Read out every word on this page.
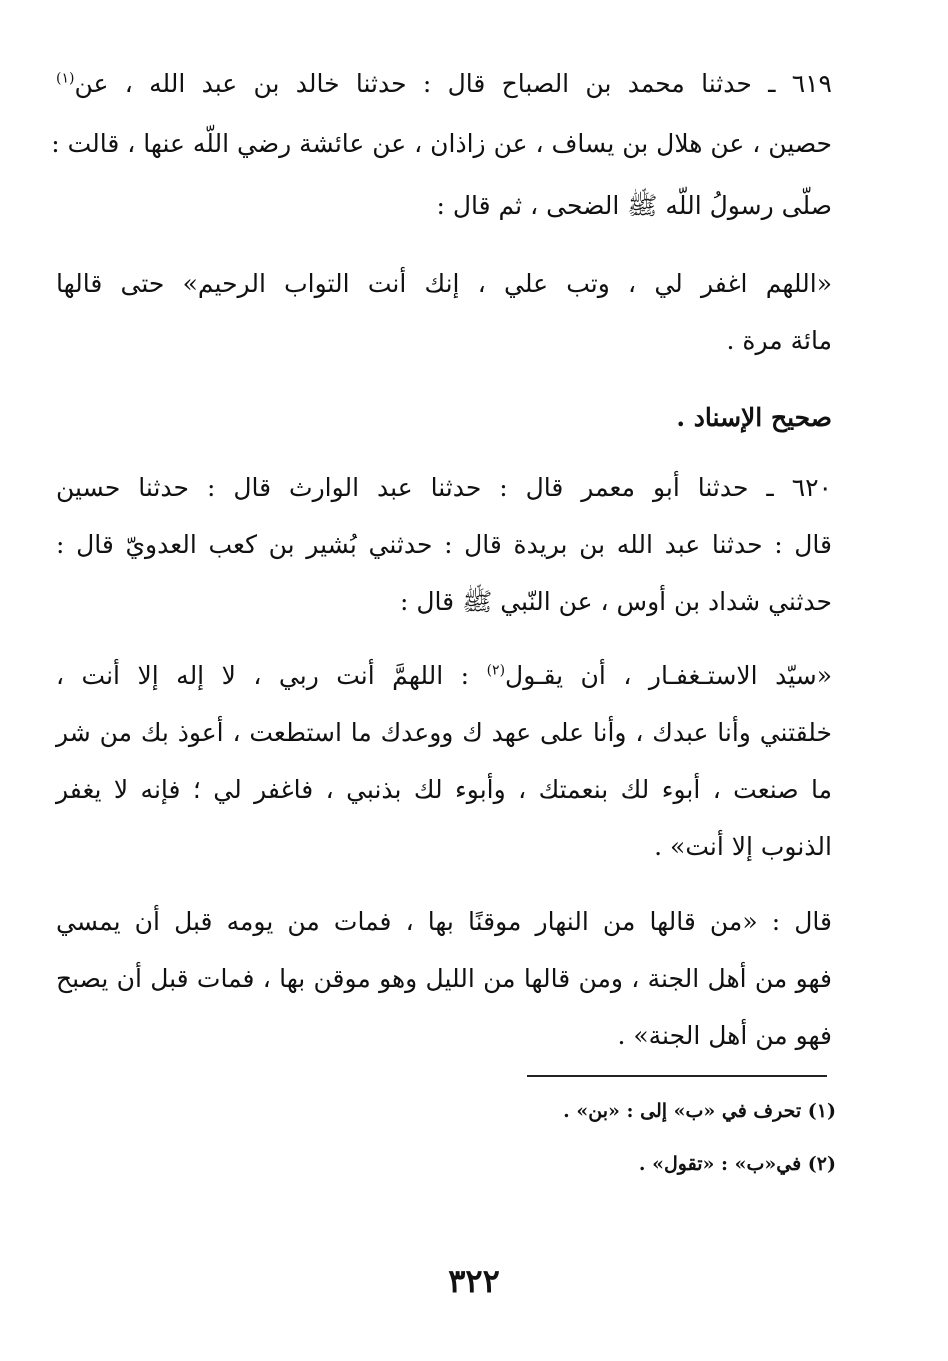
٦١٩ ـ حدثنا محمد بن الصباح قال : حدثنا خالد بن عبد الله ، عن$^{(١)}$
حصين ، عن هلال بن يساف ، عن زاذان ، عن عائشة رضي اللّه عنها ، قالت :
صلّى رسولُ اللّه ﷺ الضحى ، ثم قال :
«اللهم اغفر لي ، وتب علي ، إنك أنت التواب الرحيم» حتى قالها
مائة مرة .
صحيح الإسناد .
٦٢٠ ـ حدثنا أبو معمر قال : حدثنا عبد الوارث قال : حدثنا حسين
قال : حدثنا عبد الله بن بريدة قال : حدثني بُشير بن كعب العدويّ قال :
حدثني شداد بن أوس ، عن النّبي ﷺ قال :
«سيّد الاستـغفـار ، أن يقـول$^{(٢)}$ : اللهمَّ أنت ربي ، لا إله إلا أنت ،
خلقتني وأنا عبدك ، وأنا على عهد ك ووعدك ما استطعت ، أعوذ بك من شر
ما صنعت ، أبوء لك بنعمتك ، وأبوء لك بذنبي ، فاغفر لي ؛ فإنه لا يغفر
الذنوب إلا أنت» .
قال : «من قالها من النهار موقنًا بها ، فمات من يومه قبل أن يمسي
فهو من أهل الجنة ، ومن قالها من الليل وهو موقن بها ، فمات قبل أن يصبح
فهو من أهل الجنة» .
(١) تحرف في «ب» إلى : «بن» .
(٢) في«ب» : «تقول» .
٣٢٢
